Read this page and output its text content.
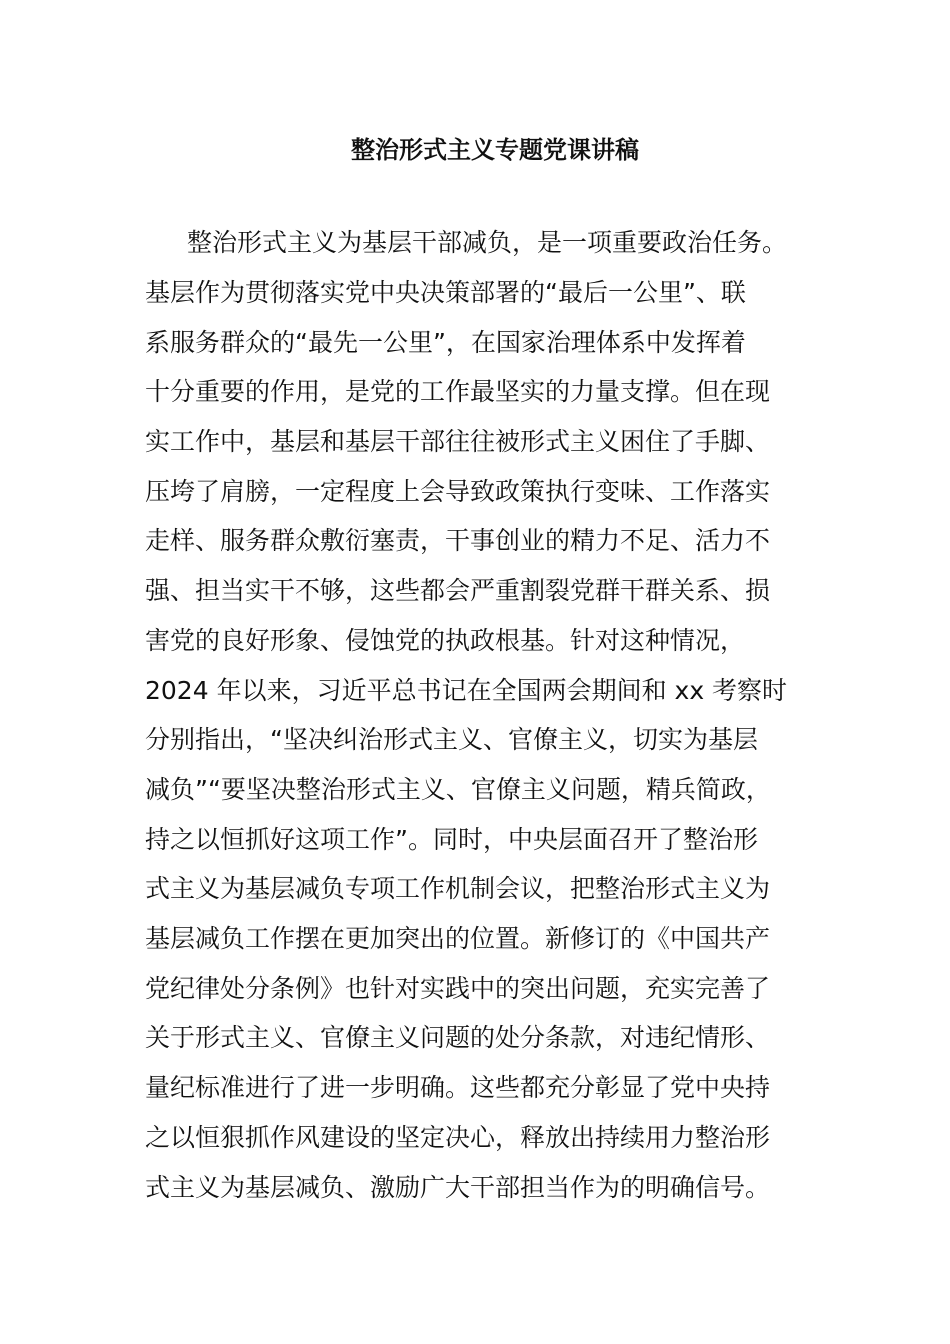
整治形式主义专题党课讲稿
整治形式主义为基层干部减负，是一项重要政治任务。
基层作为贯彻落实党中央决策部署的“最后一公里”、联
系服务群众的“最先一公里”，在国家治理体系中发挥着
十分重要的作用，是党的工作最坚实的力量支撑。但在现
实工作中，基层和基层干部往往被形式主义困住了手脚、
压垮了肩膀，一定程度上会导致政策执行变味、工作落实
走样、服务群众敷衍塞责，干事创业的精力不足、活力不
强、担当实干不够，这些都会严重割裂党群干群关系、损
害党的良好形象、侵蚀党的执政根基。针对这种情况，
2024 年以来，习近平总书记在全国两会期间和 xx 考察时
分别指出，“坚决纠治形式主义、官僚主义，切实为基层
减负”“要坚决整治形式主义、官僚主义问题，精兵简政，
持之以恒抓好这项工作”。同时，中央层面召开了整治形
式主义为基层减负专项工作机制会议，把整治形式主义为
基层减负工作摆在更加突出的位置。新修订的《中国共产
党纪律处分条例》也针对实践中的突出问题，充实完善了
关于形式主义、官僚主义问题的处分条款，对违纪情形、
量纪标准进行了进一步明确。这些都充分彰显了党中央持
之以恒狠抓作风建设的坚定决心，释放出持续用力整治形
式主义为基层减负、激励广大干部担当作为的明确信号。
